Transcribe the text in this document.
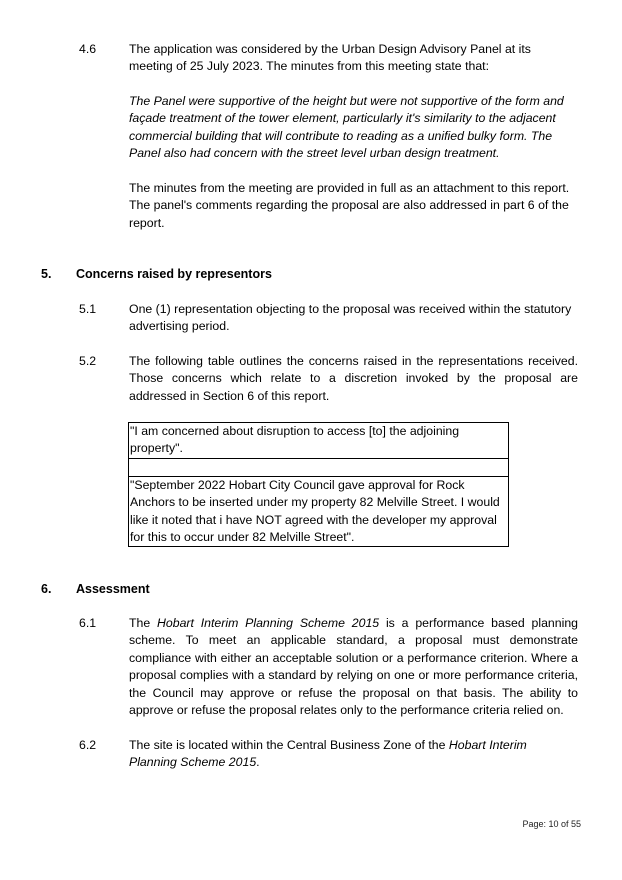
4.6	The application was considered by the Urban Design Advisory Panel at its meeting of 25 July 2023. The minutes from this meeting state that:

The Panel were supportive of the height but were not supportive of the form and façade treatment of the tower element, particularly it's similarity to the adjacent commercial building that will contribute to reading as a unified bulky form. The Panel also had concern with the street level urban design treatment.

The minutes from the meeting are provided in full as an attachment to this report. The panel's comments regarding the proposal are also addressed in part 6 of the report.

5.	Concerns raised by representors
5.1	One (1) representation objecting to the proposal was received within the statutory advertising period.

5.2	The following table outlines the concerns raised in the representations received. Those concerns which relate to a discretion invoked by the proposal are addressed in Section 6 of this report.

"I am concerned about disruption to access [to] the adjoining property".

"September 2022 Hobart City Council gave approval for Rock Anchors to be inserted under my property 82 Melville Street. I would like it noted that i have NOT agreed with the developer my approval for this to occur under 82 Melville Street".
6.	Assessment
6.1	The Hobart Interim Planning Scheme 2015 is a performance based planning scheme. To meet an applicable standard, a proposal must demonstrate compliance with either an acceptable solution or a performance criterion. Where a proposal complies with a standard by relying on one or more performance criteria, the Council may approve or refuse the proposal on that basis. The ability to approve or refuse the proposal relates only to the performance criteria relied on.

6.2	The site is located within the Central Business Zone of the Hobart Interim Planning Scheme 2015.

Page: 10 of 55
